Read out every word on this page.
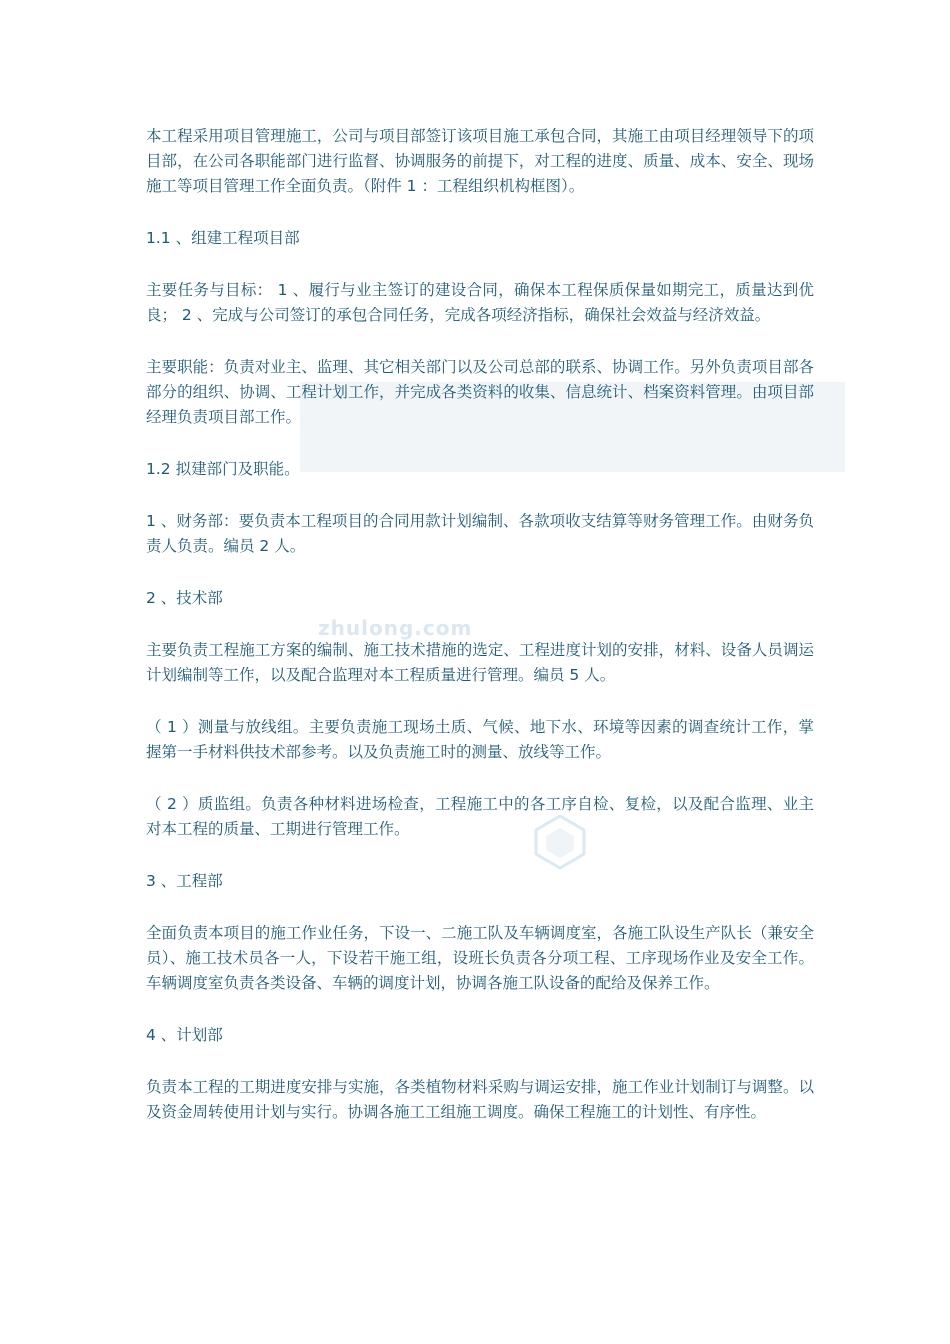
zhulong.com

本工程采用项目管理施工，公司与项目部签订该项目施工承包合同，其施工由项目经理领导下的项目部，在公司各职能部门进行监督、协调服务的前提下，对工程的进度、质量、成本、安全、现场施工等项目管理工作全面负责。（附件 1 ：工程组织机构框图）。

1.1 、组建工程项目部

主要任务与目标： 1 、履行与业主签订的建设合同，确保本工程保质保量如期完工，质量达到优良； 2 、完成与公司签订的承包合同任务，完成各项经济指标，确保社会效益与经济效益。

主要职能：负责对业主、监理、其它相关部门以及公司总部的联系、协调工作。另外负责项目部各部分的组织、协调、工程计划工作，并完成各类资料的收集、信息统计、档案资料管理。由项目部经理负责项目部工作。

1.2 拟建部门及职能。

1 、财务部：要负责本工程项目的合同用款计划编制、各款项收支结算等财务管理工作。由财务负责人负责。编员 2 人。

2 、技术部

主要负责工程施工方案的编制、施工技术措施的选定、工程进度计划的安排，材料、设备人员调运计划编制等工作，以及配合监理对本工程质量进行管理。编员 5 人。

（ 1 ）测量与放线组。主要负责施工现场土质、气候、地下水、环境等因素的调查统计工作，掌握第一手材料供技术部参考。以及负责施工时的测量、放线等工作。

（ 2 ）质监组。负责各种材料进场检查，工程施工中的各工序自检、复检，以及配合监理、业主对本工程的质量、工期进行管理工作。

3 、工程部

全面负责本项目的施工作业任务，下设一、二施工队及车辆调度室，各施工队设生产队长（兼安全员）、施工技术员各一人，下设若干施工组，设班长负责各分项工程、工序现场作业及安全工作。车辆调度室负责各类设备、车辆的调度计划，协调各施工队设备的配给及保养工作。

4 、计划部

负责本工程的工期进度安排与实施，各类植物材料采购与调运安排，施工作业计划制订与调整。以及资金周转使用计划与实行。协调各施工工组施工调度。确保工程施工的计划性、有序性。
